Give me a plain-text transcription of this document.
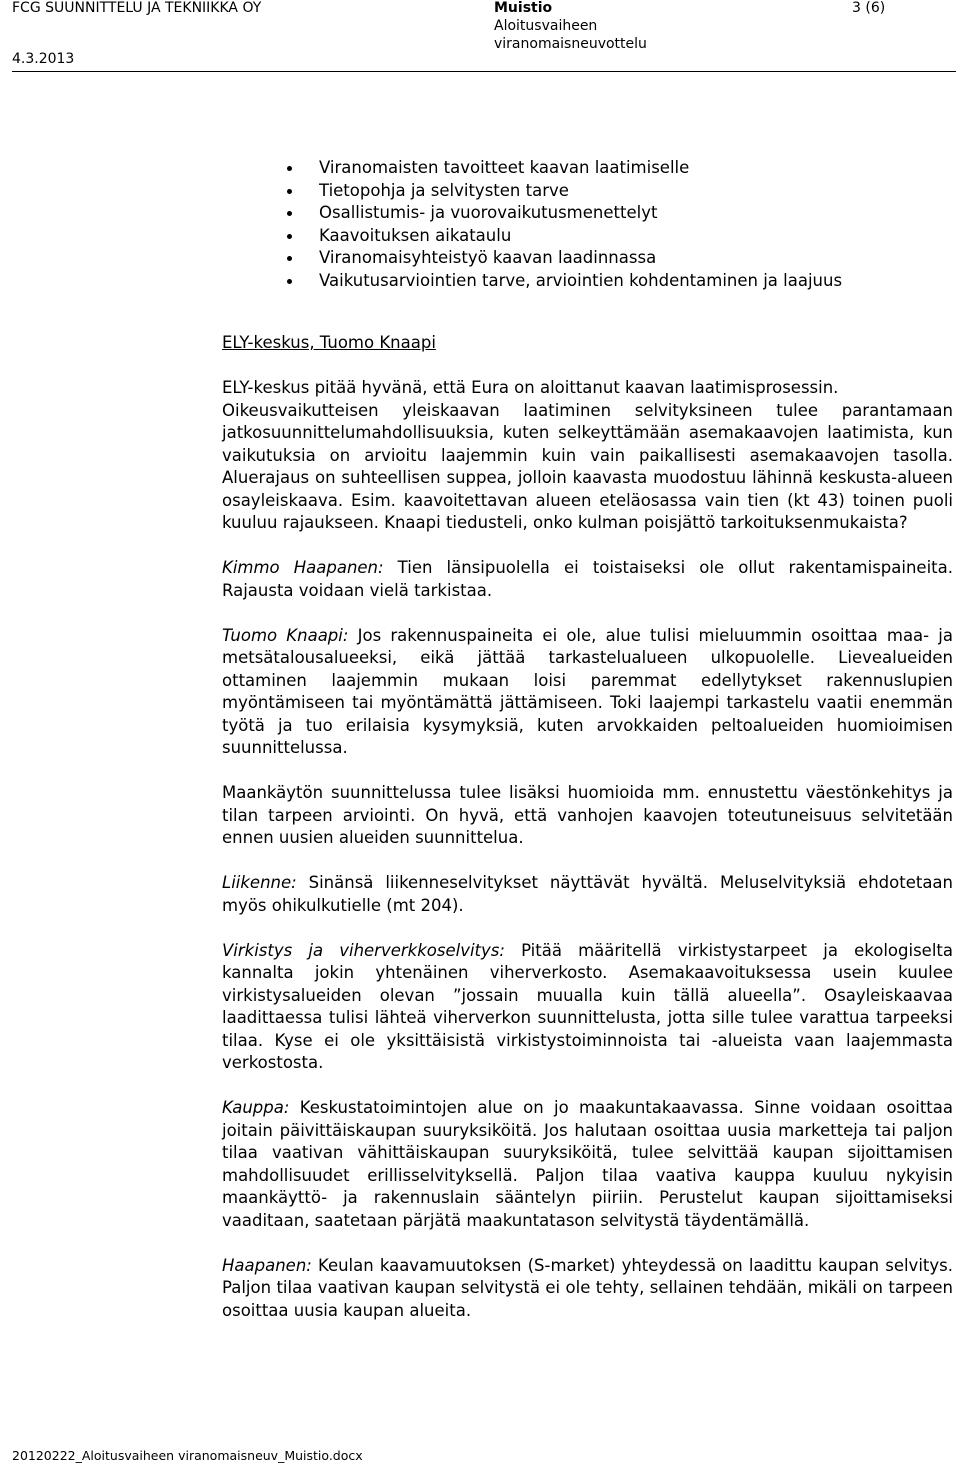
FCG SUUNNITTELU JA TEKNIIKKA OY
4.3.2013
Muistio
Aloitusvaiheen
viranomaisneuvottelu
3 (6)
Viranomaisten tavoitteet kaavan laatimiselle
Tietopohja ja selvitysten tarve
Osallistumis- ja vuorovaikutusmenettelyt
Kaavoituksen aikataulu
Viranomaisyhteistyö kaavan laadinnassa
Vaikutusarviointien tarve, arviointien kohdentaminen ja laajuus

ELY-keskus, Tuomo Knaapi

ELY-keskus pitää hyvänä, että Eura on aloittanut kaavan laatimisprosessin.

Oikeusvaikutteisen yleiskaavan laatiminen selvityksineen tulee parantamaan jatkosuunnittelumahdollisuuksia, kuten selkeyttämään asemakaavojen laatimista, kun vaikutuksia on arvioitu laajemmin kuin vain paikallisesti asemakaavojen tasolla. Aluerajaus on suhteellisen suppea, jolloin kaavasta muodostuu lähinnä keskusta-alueen osayleiskaava. Esim. kaavoitettavan alueen eteläosassa vain tien (kt 43) toinen puoli kuuluu rajaukseen. Knaapi tiedusteli, onko kulman poisjättö tarkoituksenmukaista?

Kimmo Haapanen: Tien länsipuolella ei toistaiseksi ole ollut rakentamispaineita. Rajausta voidaan vielä tarkistaa.

Tuomo Knaapi: Jos rakennuspaineita ei ole, alue tulisi mieluummin osoittaa maa- ja metsätalousalueeksi, eikä jättää tarkastelualueen ulkopuolelle. Lievealueiden ottaminen laajemmin mukaan loisi paremmat edellytykset rakennuslupien myöntämiseen tai myöntämättä jättämiseen. Toki laajempi tarkastelu vaatii enemmän työtä ja tuo erilaisia kysymyksiä, kuten arvokkaiden peltoalueiden huomioimisen suunnittelussa.

Maankäytön suunnittelussa tulee lisäksi huomioida mm. ennustettu väestönkehitys ja tilan tarpeen arviointi. On hyvä, että vanhojen kaavojen toteutuneisuus selvitetään ennen uusien alueiden suunnittelua.

Liikenne: Sinänsä liikenneselvitykset näyttävät hyvältä. Meluselvityksiä ehdotetaan myös ohikulkutielle (mt 204).

Virkistys ja viherverkkoselvitys: Pitää määritellä virkistystarpeet ja ekologiselta kannalta jokin yhtenäinen viherverkosto. Asemakaavoituksessa usein kuulee virkistysalueiden olevan ”jossain muualla kuin tällä alueella”. Osayleiskaavaa laadittaessa tulisi lähteä viherverkon suunnittelusta, jotta sille tulee varattua tarpeeksi tilaa. Kyse ei ole yksittäisistä virkistystoiminnoista tai -alueista vaan laajemmasta verkostosta.

Kauppa: Keskustatoimintojen alue on jo maakuntakaavassa. Sinne voidaan osoittaa joitain päivittäiskaupan suuryksiköitä. Jos halutaan osoittaa uusia marketteja tai paljon tilaa vaativan vähittäiskaupan suuryksiköitä, tulee selvittää kaupan sijoittamisen mahdollisuudet erillisselvityksellä. Paljon tilaa vaativa kauppa kuuluu nykyisin maankäyttö- ja rakennuslain sääntelyn piiriin. Perustelut kaupan sijoittamiseksi vaaditaan, saatetaan pärjätä maakuntatason selvitystä täydentämällä.

Haapanen: Keulan kaavamuutoksen (S-market) yhteydessä on laadittu kaupan selvitys. Paljon tilaa vaativan kaupan selvitystä ei ole tehty, sellainen tehdään, mikäli on tarpeen osoittaa uusia kaupan alueita.

20120222_Aloitusvaiheen viranomaisneuv_Muistio.docx
